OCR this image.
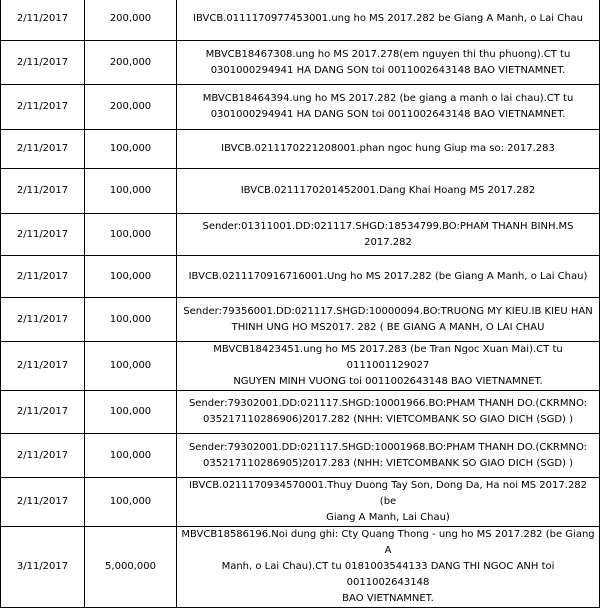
2/11/2017	200,000	IBVCB.0111170977453001.ung ho MS 2017.282 be Giang A Manh, o Lai Chau
2/11/2017	200,000	MBVCB18467308.ung ho MS 2017.278(em nguyen thi thu phuong).CT tu
0301000294941 HA DANG SON toi 0011002643148 BAO VIETNAMNET.
2/11/2017	200,000	MBVCB18464394.ung ho MS 2017.282 (be giang a manh o lai chau).CT tu
0301000294941 HA DANG SON toi 0011002643148 BAO VIETNAMNET.
2/11/2017	100,000	IBVCB.0211170221208001.phan ngoc hung Giup ma so: 2017.283
2/11/2017	100,000	IBVCB.0211170201452001.Dang Khai Hoang MS 2017.282
2/11/2017	100,000	Sender:01311001.DD:021117.SHGD:18534799.BO:PHAM THANH BINH.MS 2017.282
2/11/2017	100,000	IBVCB.0211170916716001.Ung ho MS 2017.282 (be Giang A Manh, o Lai Chau)
2/11/2017	100,000	Sender:79356001.DD:021117.SHGD:10000094.BO:TRUONG MY KIEU.IB KIEU HAN
THINH UNG HO MS2017. 282 ( BE GIANG A MANH, O LAI CHAU
2/11/2017	100,000	MBVCB18423451.ung ho MS 2017.283 (be Tran Ngoc Xuan Mai).CT tu 0111001129027
NGUYEN MINH VUONG toi 0011002643148 BAO VIETNAMNET.
2/11/2017	100,000	Sender:79302001.DD:021117.SHGD:10001966.BO:PHAM THANH DO.(CKRMNO:
035217110286906)2017.282 (NHH: VIETCOMBANK SO GIAO DICH (SGD) )
2/11/2017	100,000	Sender:79302001.DD:021117.SHGD:10001968.BO:PHAM THANH DO.(CKRMNO:
035217110286905)2017.283 (NHH: VIETCOMBANK SO GIAO DICH (SGD) )
2/11/2017	100,000	IBVCB.0211170934570001.Thuy Duong Tay Son, Dong Da, Ha noi MS 2017.282 (be
Giang A Manh, Lai Chau)
3/11/2017	5,000,000	MBVCB18586196.Noi dung ghi: Cty Quang Thong - ung ho MS 2017.282 (be Giang A
Manh, o Lai Chau).CT tu 0181003544133 DANG THI NGOC ANH toi 0011002643148
BAO VIETNAMNET.
